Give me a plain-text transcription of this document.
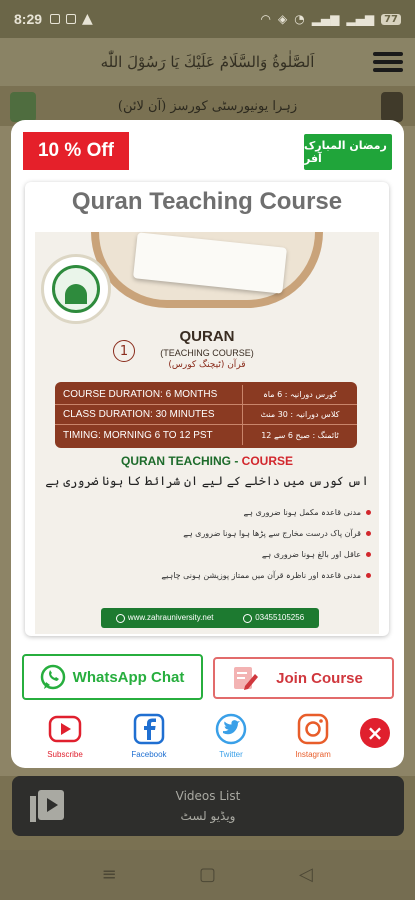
8:29	▲	◠ ◈ ◔ ▂▄▆ ▂▄▆	77
اَلصَّلٰوةُ وَالسَّلَامُ عَلَيْكَ يَا رَسُوْلَ اللّٰه
زہرا یونیورسٹی کورسز (آن لائن)
Videos List
ویڈیو لسٹ
≡	▢	◁
10 % Off	رمضان المبارک آفر
Quran Teaching Course
1
QURAN
(TEACHING COURSE)
قرآن (ٹیچنگ کورس)
COURSE DURATION: 6 MONTHS	کورس دورانیہ : 6 ماہ
CLASS DURATION: 30 MINUTES	کلاس دورانیہ : 30 منٹ
TIMING: MORNING 6 TO 12 PST	ٹائمنگ : صبح 6 سے 12
QURAN TEACHING - COURSE
اس کورس میں داخلے کے لیے ان شرائط کا ہونا ضروری ہے
مدنی قاعدہ مکمل ہونا ضروری ہے
قرآن پاک درست مخارج سے پڑھا ہوا ہونا ضروری ہے
عاقل اور بالغ ہونا ضروری ہے
مدنی قاعدہ اور ناظرہ قرآن میں ممتاز پوزیشن ہونی چاہیے
www.zahrauniversity.net	03455105256
WhatsApp Chat	Join Course
Subscribe	Facebook	Twitter	Instagram
×
